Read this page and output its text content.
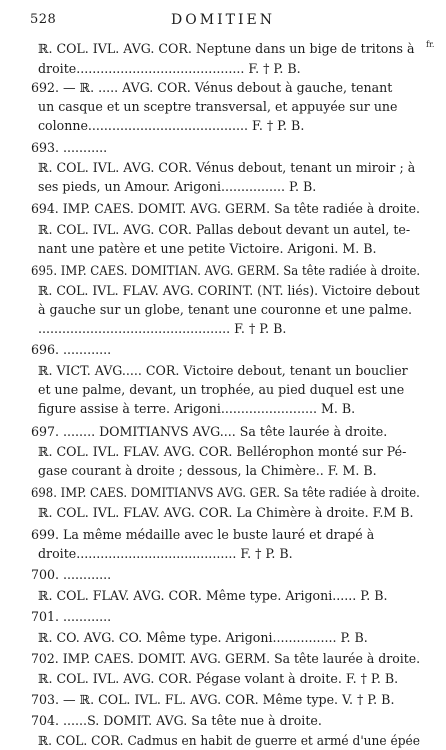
528	DOMITIEN
fr.
ℝ. COL. IVL. AVG. COR. Neptune dans un bige de tritons à
droite.......................................... F. † P. B.
692. — ℝ. ..... AVG. COR. Vénus debout à gauche, tenant
un casque et un sceptre transversal, et appuyée sur une
colonne........................................ F. † P. B.
693. ...........
ℝ. COL. IVL. AVG. COR. Vénus debout, tenant un miroir ; à
ses pieds, un Amour. Arigoni................ P. B.
694. IMP. CAES. DOMIT. AVG. GERM. Sa tête radiée à droite.
ℝ. COL. IVL. AVG. COR. Pallas debout devant un autel, te-
nant une patère et une petite Victoire. Arigoni. M. B.
695. IMP. CAES. DOMITIAN. AVG. GERM. Sa tête radiée à droite.
ℝ. COL. IVL. FLAV. AVG. CORINT. (NT. liés). Victoire debout
à gauche sur un globe, tenant une couronne et une palme.
................................................ F. † P. B.
696. ............
ℝ. VICT. AVG..... COR. Victoire debout, tenant un bouclier
et une palme, devant, un trophée, au pied duquel est une
figure assise à terre. Arigoni........................ M. B.
697. ........ DOMITIANVS AVG.... Sa tête laurée à droite.
ℝ. COL. IVL. FLAV. AVG. COR. Bellérophon monté sur Pé-
gase courant à droite ; dessous, la Chimère.. F. M. B.
698. IMP. CAES. DOMITIANVS AVG. GER. Sa tête radiée à droite.
ℝ. COL. IVL. FLAV. AVG. COR. La Chimère à droite. F.M B.
699. La même médaille avec le buste lauré et drapé à
droite........................................ F. † P. B.
700. ............
ℝ. COL. FLAV. AVG. COR. Même type. Arigoni...... P. B.
701. ............
ℝ. CO. AVG. CO. Même type. Arigoni................ P. B.
702. IMP. CAES. DOMIT. AVG. GERM. Sa tête laurée à droite.
ℝ. COL. IVL. AVG. COR. Pégase volant à droite. F. † P. B.
703. — ℝ. COL. IVL. FL. AVG. COR. Même type. V. † P. B.
704. ......S. DOMIT. AVG. Sa tête nue à droite.
ℝ. COL. COR. Cadmus en habit de guerre et armé d'une épée
